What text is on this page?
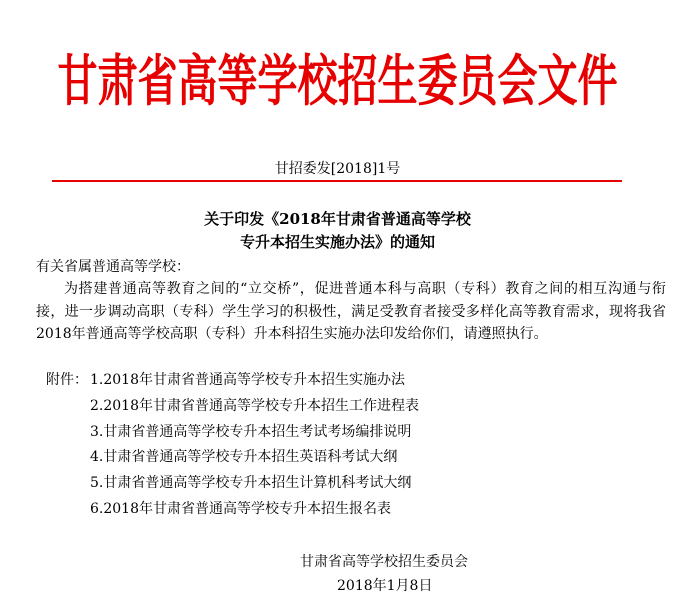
甘肃省高等学校招生委员会文件
甘招委发[2018]1号
关于印发《2018年甘肃省普通高等学校
专升本招生实施办法》的通知
有关省属普通高等学校：
为搭建普通高等教育之间的“立交桥”，促进普通本科与高职（专科）教育之间的相互沟通与衔接，进一步调动高职（专科）学生学习的积极性，满足受教育者接受多样化高等教育需求，现将我省2018年普通高等学校高职（专科）升本科招生实施办法印发给你们，请遵照执行。
附件： 1.2018年甘肃省普通高等学校专升本招生实施办法
2.2018年甘肃省普通高等学校专升本招生工作进程表
3.甘肃省普通高等学校专升本招生考试考场编排说明
4.甘肃省普通高等学校专升本招生英语科考试大纲
5.甘肃省普通高等学校专升本招生计算机科考试大纲
6.2018年甘肃省普通高等学校专升本招生报名表
甘肃省高等学校招生委员会
2018年1月8日
